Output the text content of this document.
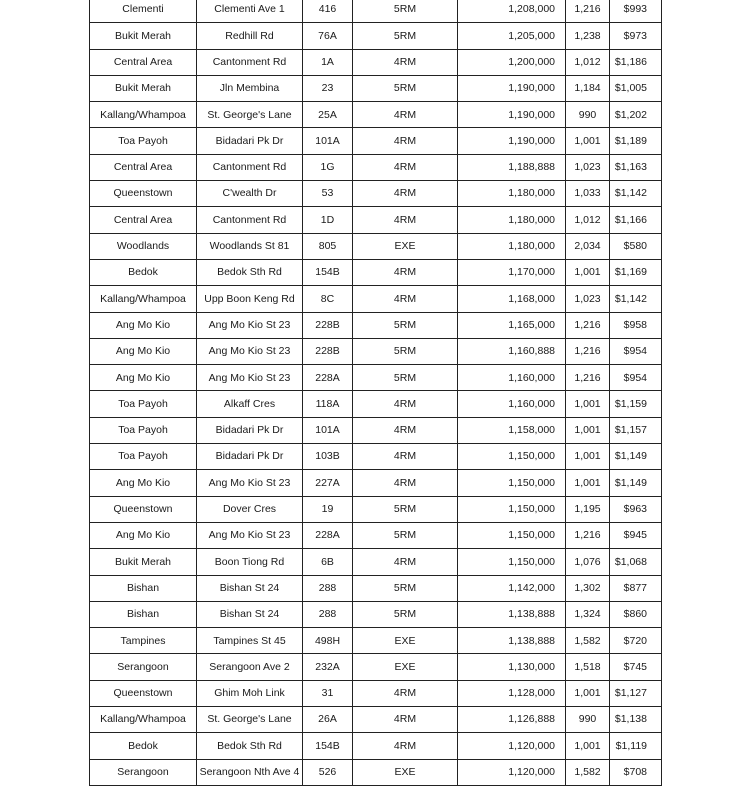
Clementi	Clementi Ave 1	416	5RM	1,208,000	1,216	$993
Bukit Merah	Redhill Rd	76A	5RM	1,205,000	1,238	$973
Central Area	Cantonment Rd	1A	4RM	1,200,000	1,012	$1,186
Bukit Merah	Jln Membina	23	5RM	1,190,000	1,184	$1,005
Kallang/Whampoa	St. George's Lane	25A	4RM	1,190,000	990	$1,202
Toa Payoh	Bidadari Pk Dr	101A	4RM	1,190,000	1,001	$1,189
Central Area	Cantonment Rd	1G	4RM	1,188,888	1,023	$1,163
Queenstown	C'wealth Dr	53	4RM	1,180,000	1,033	$1,142
Central Area	Cantonment Rd	1D	4RM	1,180,000	1,012	$1,166
Woodlands	Woodlands St 81	805	EXE	1,180,000	2,034	$580
Bedok	Bedok Sth Rd	154B	4RM	1,170,000	1,001	$1,169
Kallang/Whampoa	Upp Boon Keng Rd	8C	4RM	1,168,000	1,023	$1,142
Ang Mo Kio	Ang Mo Kio St 23	228B	5RM	1,165,000	1,216	$958
Ang Mo Kio	Ang Mo Kio St 23	228B	5RM	1,160,888	1,216	$954
Ang Mo Kio	Ang Mo Kio St 23	228A	5RM	1,160,000	1,216	$954
Toa Payoh	Alkaff Cres	118A	4RM	1,160,000	1,001	$1,159
Toa Payoh	Bidadari Pk Dr	101A	4RM	1,158,000	1,001	$1,157
Toa Payoh	Bidadari Pk Dr	103B	4RM	1,150,000	1,001	$1,149
Ang Mo Kio	Ang Mo Kio St 23	227A	4RM	1,150,000	1,001	$1,149
Queenstown	Dover Cres	19	5RM	1,150,000	1,195	$963
Ang Mo Kio	Ang Mo Kio St 23	228A	5RM	1,150,000	1,216	$945
Bukit Merah	Boon Tiong Rd	6B	4RM	1,150,000	1,076	$1,068
Bishan	Bishan St 24	288	5RM	1,142,000	1,302	$877
Bishan	Bishan St 24	288	5RM	1,138,888	1,324	$860
Tampines	Tampines St 45	498H	EXE	1,138,888	1,582	$720
Serangoon	Serangoon Ave 2	232A	EXE	1,130,000	1,518	$745
Queenstown	Ghim Moh Link	31	4RM	1,128,000	1,001	$1,127
Kallang/Whampoa	St. George's Lane	26A	4RM	1,126,888	990	$1,138
Bedok	Bedok Sth Rd	154B	4RM	1,120,000	1,001	$1,119
Serangoon	Serangoon Nth Ave 4	526	EXE	1,120,000	1,582	$708
